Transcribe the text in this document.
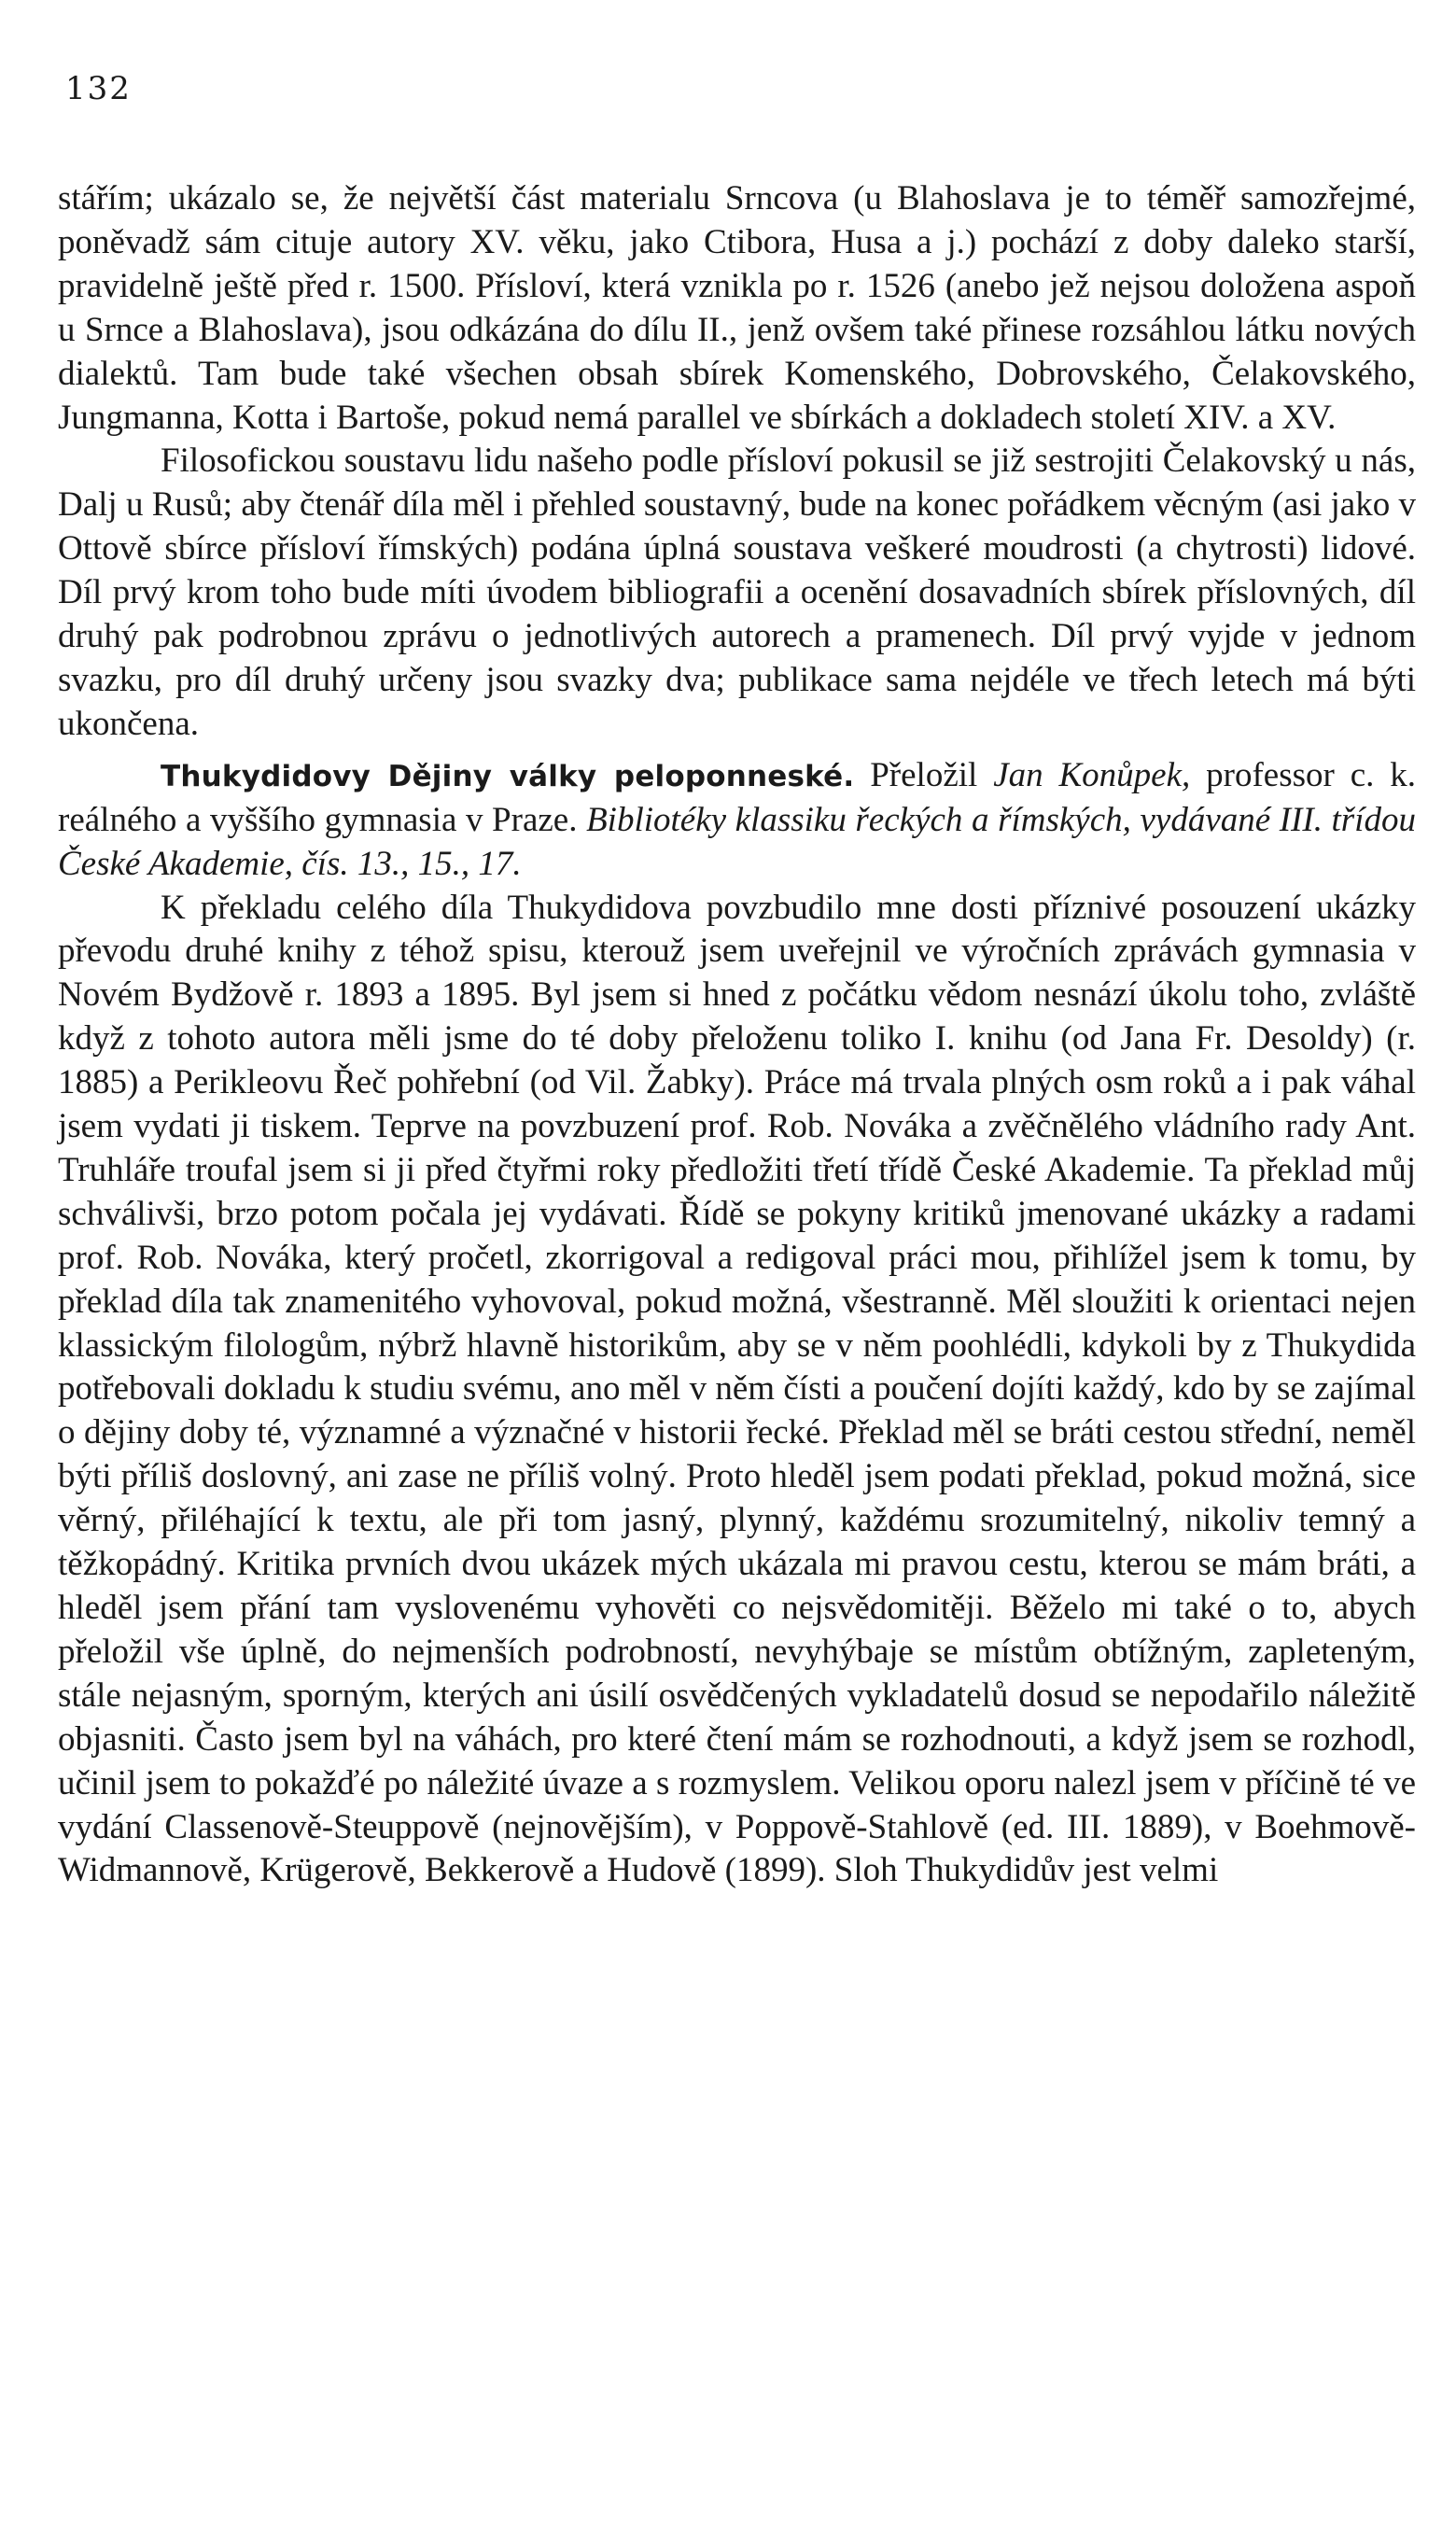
132

stářím; ukázalo se, že největší část materialu Srncova (u Blahoslava je to téměř samozřejmé, poněvadž sám cituje autory XV. věku, jako Ctibora, Husa a j.) pochází z doby daleko starší, pravidelně ještě před r. 1500. Přísloví, která vznikla po r. 1526 (anebo jež nejsou doložena aspoň u Srnce a Blahoslava), jsou odkázána do dílu II., jenž ovšem také přinese rozsáhlou látku nových dialektů. Tam bude také všechen obsah sbírek Komenského, Dobrovského, Čelakovského, Jungmanna, Kotta i Bartoše, pokud nemá parallel ve sbírkách a dokladech století XIV. a XV.

Filosofickou soustavu lidu našeho podle přísloví pokusil se již sestrojiti Čelakovský u nás, Dalj u Rusů; aby čtenář díla měl i přehled soustavný, bude na konec pořádkem věcným (asi jako v Ottově sbírce přísloví římských) podána úplná soustava veškeré moudrosti (a chytrosti) lidové. Díl prvý krom toho bude míti úvodem bibliografii a ocenění dosavadních sbírek příslovných, díl druhý pak podrobnou zprávu o jednotlivých autorech a pramenech. Díl prvý vyjde v jednom svazku, pro díl druhý určeny jsou svazky dva; publikace sama nejdéle ve třech letech má býti ukončena.

Thukydidovy Dějiny války peloponneské. Přeložil Jan Konůpek, professor c. k. reálného a vyššího gymnasia v Praze. Bibliotéky klassiku řeckých a římských, vydávané III. třídou České Akademie, čís. 13., 15., 17.

K překladu celého díla Thukydidova povzbudilo mne dosti příznivé posouzení ukázky převodu druhé knihy z téhož spisu, kterouž jsem uveřejnil ve výročních zprávách gymnasia v Novém Bydžově r. 1893 a 1895. Byl jsem si hned z počátku vědom nesnází úkolu toho, zvláště když z tohoto autora měli jsme do té doby přeloženu toliko I. knihu (od Jana Fr. Desoldy) (r. 1885) a Perikleovu Řeč pohřební (od Vil. Žabky). Práce má trvala plných osm roků a i pak váhal jsem vydati ji tiskem. Teprve na povzbuzení prof. Rob. Nováka a zvěčnělého vládního rady Ant. Truhláře troufal jsem si ji před čtyřmi roky předložiti třetí třídě České Akademie. Ta překlad můj schválivši, brzo potom počala jej vydávati. Řídě se pokyny kritiků jmenované ukázky a radami prof. Rob. Nováka, který pročetl, zkorrigoval a redigoval práci mou, přihlížel jsem k tomu, by překlad díla tak znamenitého vyhovoval, pokud možná, všestranně. Měl sloužiti k orientaci nejen klassickým filologům, nýbrž hlavně historikům, aby se v něm poohlédli, kdykoli by z Thukydida potřebovali dokladu k studiu svému, ano měl v něm čísti a poučení dojíti každý, kdo by se zajímal o dějiny doby té, významné a význačné v historii řecké. Překlad měl se bráti cestou střední, neměl býti příliš doslovný, ani zase ne příliš volný. Proto hleděl jsem podati překlad, pokud možná, sice věrný, přiléhající k textu, ale při tom jasný, plynný, každému srozumitelný, nikoliv temný a těžkopádný. Kritika prvních dvou ukázek mých ukázala mi pravou cestu, kterou se mám bráti, a hleděl jsem přání tam vyslovenému vyhověti co nejsvědomitěji. Běželo mi také o to, abych přeložil vše úplně, do nejmenších podrobností, nevyhýbaje se místům obtížným, zapleteným, stále nejasným, sporným, kterých ani úsilí osvědčených vykladatelů dosud se nepodařilo náležitě objasniti. Často jsem byl na váhách, pro které čtení mám se rozhodnouti, a když jsem se rozhodl, učinil jsem to pokažďé po náležité úvaze a s rozmyslem. Velikou oporu nalezl jsem v příčině té ve vydání Classenově-Steuppově (nejnovějším), v Poppově-Stahlově (ed. III. 1889), v Boehmově-Widmannově, Krügerově, Bekkerově a Hudově (1899). Sloh Thukydidův jest velmi
